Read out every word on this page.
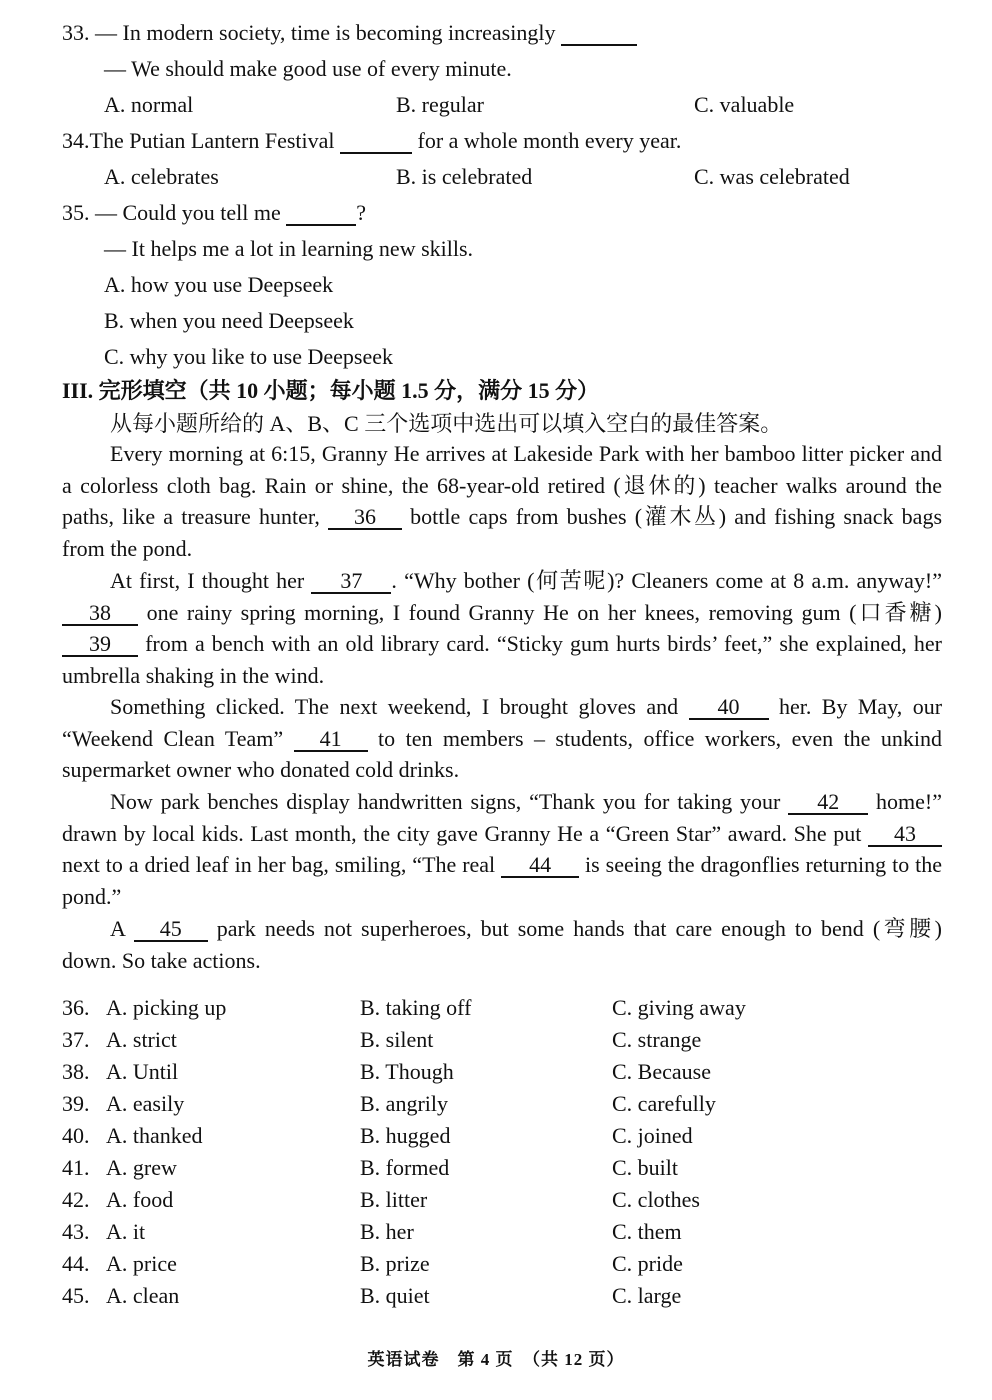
33. — In modern society, time is becoming increasingly
— We should make good use of every minute.
A. normal	B. regular	C. valuable
34.The Putian Lantern Festival	for a whole month every year.
A. celebrates	B. is celebrated	C. was celebrated
35. — Could you tell me	?
— It helps me a lot in learning new skills.
A. how you use Deepseek
B. when you need Deepseek
C. why you like to use Deepseek
III. 完形填空（共 10 小题；每小题 1.5 分，满分 15 分）
从每小题所给的 A、B、C 三个选项中选出可以填入空白的最佳答案。
Every morning at 6:15, Granny He arrives at Lakeside Park with her bamboo litter picker and a colorless cloth bag. Rain or shine, the 68-year-old retired (退休的) teacher walks around the paths, like a treasure hunter, 36 bottle caps from bushes (灌木丛) and fishing snack bags from the pond.
At first, I thought her 37 . “Why bother (何苦呢)? Cleaners come at 8 a.m. anyway!” 38 one rainy spring morning, I found Granny He on her knees, removing gum (口香糖) 39 from a bench with an old library card. “Sticky gum hurts birds’ feet,” she explained, her umbrella shaking in the wind.
Something clicked. The next weekend, I brought gloves and 40 her. By May, our “Weekend Clean Team” 41 to ten members – students, office workers, even the unkind supermarket owner who donated cold drinks.
Now park benches display handwritten signs, “Thank you for taking your 42 home!” drawn by local kids. Last month, the city gave Granny He a “Green Star” award. She put 43 next to a dried leaf in her bag, smiling, “The real 44 is seeing the dragonflies returning to the pond.”
A 45 park needs not superheroes, but some hands that care enough to bend (弯腰) down. So take actions.
36. A. picking up	B. taking off	C. giving away
37. A. strict	B. silent	C. strange
38. A. Until	B. Though	C. Because
39. A. easily	B. angrily	C. carefully
40. A. thanked	B. hugged	C. joined
41. A. grew	B. formed	C. built
42. A. food	B. litter	C. clothes
43. A. it	B. her	C. them
44. A. price	B. prize	C. pride
45. A. clean	B. quiet	C. large
英语试卷　第 4 页　（共 12 页）
